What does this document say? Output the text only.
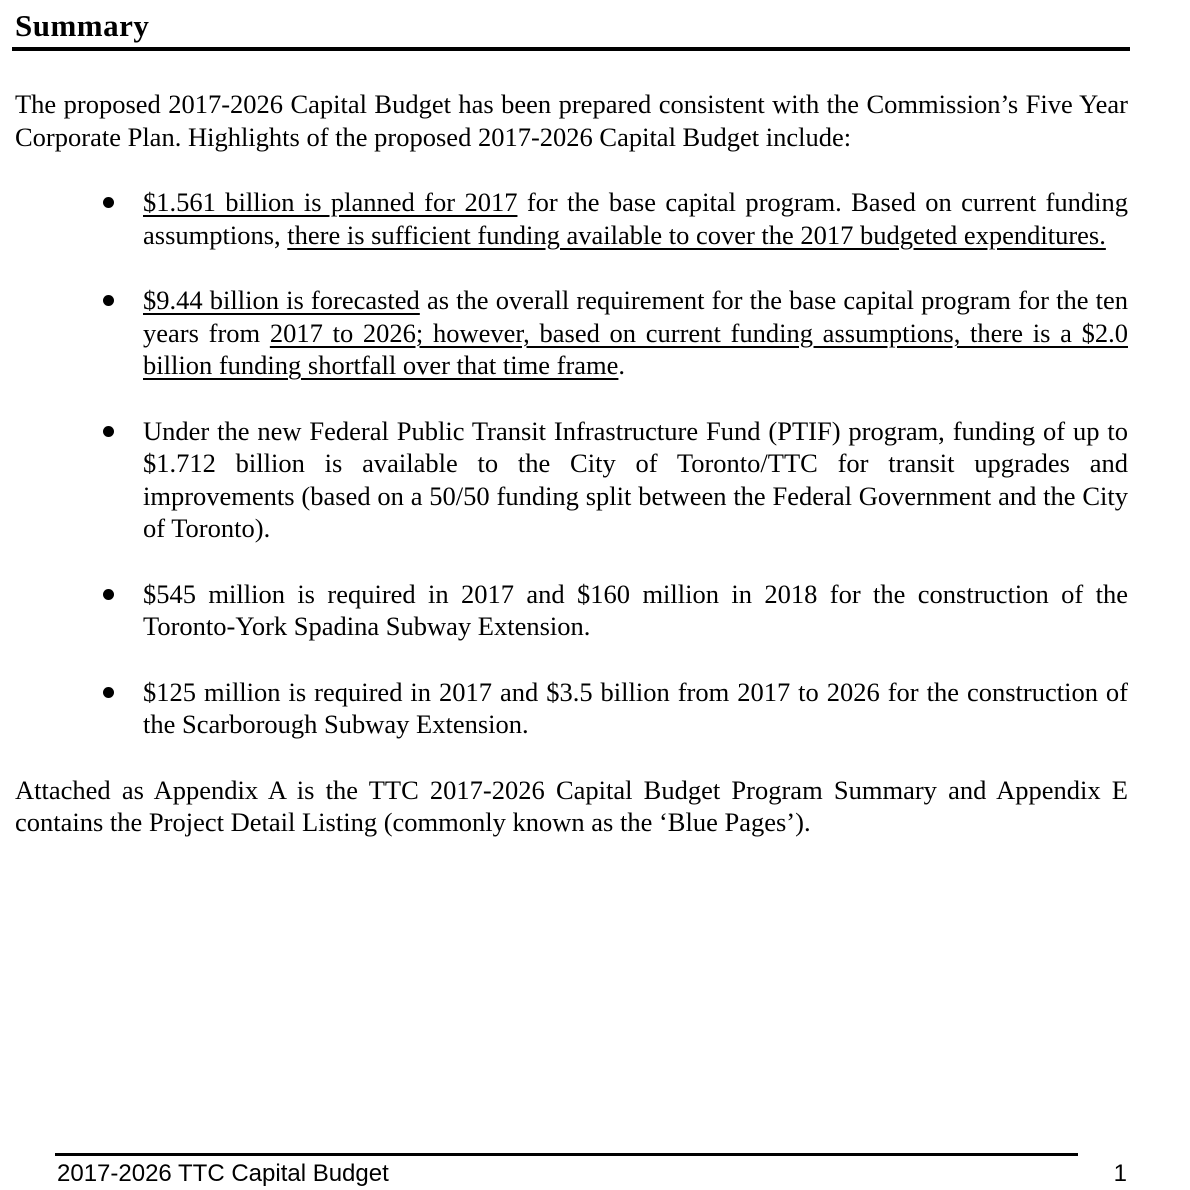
Summary

The proposed 2017-2026 Capital Budget has been prepared consistent with the Commission’s Five Year Corporate Plan. Highlights of the proposed 2017-2026 Capital Budget include:

$1.561 billion is planned for 2017 for the base capital program. Based on current funding assumptions, there is sufficient funding available to cover the 2017 budgeted expenditures.
$9.44 billion is forecasted as the overall requirement for the base capital program for the ten years from 2017 to 2026; however, based on current funding assumptions, there is a $2.0 billion funding shortfall over that time frame.
Under the new Federal Public Transit Infrastructure Fund (PTIF) program, funding of up to $1.712 billion is available to the City of Toronto/TTC for transit upgrades and improvements (based on a 50/50 funding split between the Federal Government and the City of Toronto).
$545 million is required in 2017 and $160 million in 2018 for the construction of the Toronto-York Spadina Subway Extension.
$125 million is required in 2017 and $3.5 billion from 2017 to 2026 for the construction of the Scarborough Subway Extension.

Attached as Appendix A is the TTC 2017-2026 Capital Budget Program Summary and Appendix E contains the Project Detail Listing (commonly known as the ‘Blue Pages’).

2017-2026 TTC Capital Budget	1
